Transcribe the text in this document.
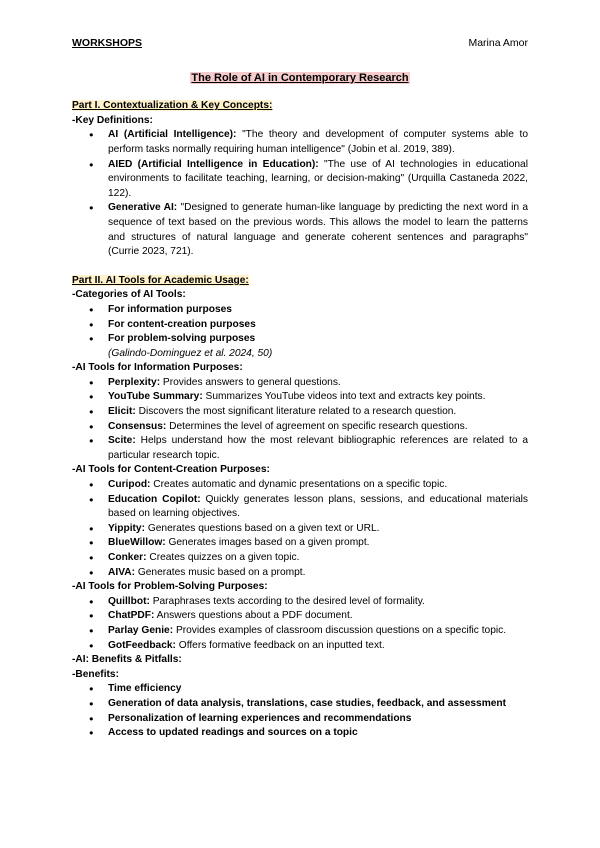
WORKSHOPS	Marina Amor
The Role of AI in Contemporary Research
Part I. Contextualization & Key Concepts:
-Key Definitions:
● AI (Artificial Intelligence): "The theory and development of computer systems able to perform tasks normally requiring human intelligence" (Jobin et al. 2019, 389).
● AIED (Artificial Intelligence in Education): "The use of AI technologies in educational environments to facilitate teaching, learning, or decision-making" (Urquilla Castaneda 2022, 122).
● Generative AI: "Designed to generate human-like language by predicting the next word in a sequence of text based on the previous words. This allows the model to learn the patterns and structures of natural language and generate coherent sentences and paragraphs" (Currie 2023, 721).
Part II. AI Tools for Academic Usage:
-Categories of AI Tools:
● For information purposes
● For content-creation purposes
● For problem-solving purposes
(Galindo-Dominguez et al. 2024, 50)
-AI Tools for Information Purposes:
● Perplexity: Provides answers to general questions.
● YouTube Summary: Summarizes YouTube videos into text and extracts key points.
● Elicit: Discovers the most significant literature related to a research question.
● Consensus: Determines the level of agreement on specific research questions.
● Scite: Helps understand how the most relevant bibliographic references are related to a particular research topic.
-AI Tools for Content-Creation Purposes:
● Curipod: Creates automatic and dynamic presentations on a specific topic.
● Education Copilot: Quickly generates lesson plans, sessions, and educational materials based on learning objectives.
● Yippity: Generates questions based on a given text or URL.
● BlueWillow: Generates images based on a given prompt.
● Conker: Creates quizzes on a given topic.
● AIVA: Generates music based on a prompt.
-AI Tools for Problem-Solving Purposes:
● Quillbot: Paraphrases texts according to the desired level of formality.
● ChatPDF: Answers questions about a PDF document.
● Parlay Genie: Provides examples of classroom discussion questions on a specific topic.
● GotFeedback: Offers formative feedback on an inputted text.
-AI: Benefits & Pitfalls:
-Benefits:
● Time efficiency
● Generation of data analysis, translations, case studies, feedback, and assessment
● Personalization of learning experiences and recommendations
● Access to updated readings and sources on a topic
